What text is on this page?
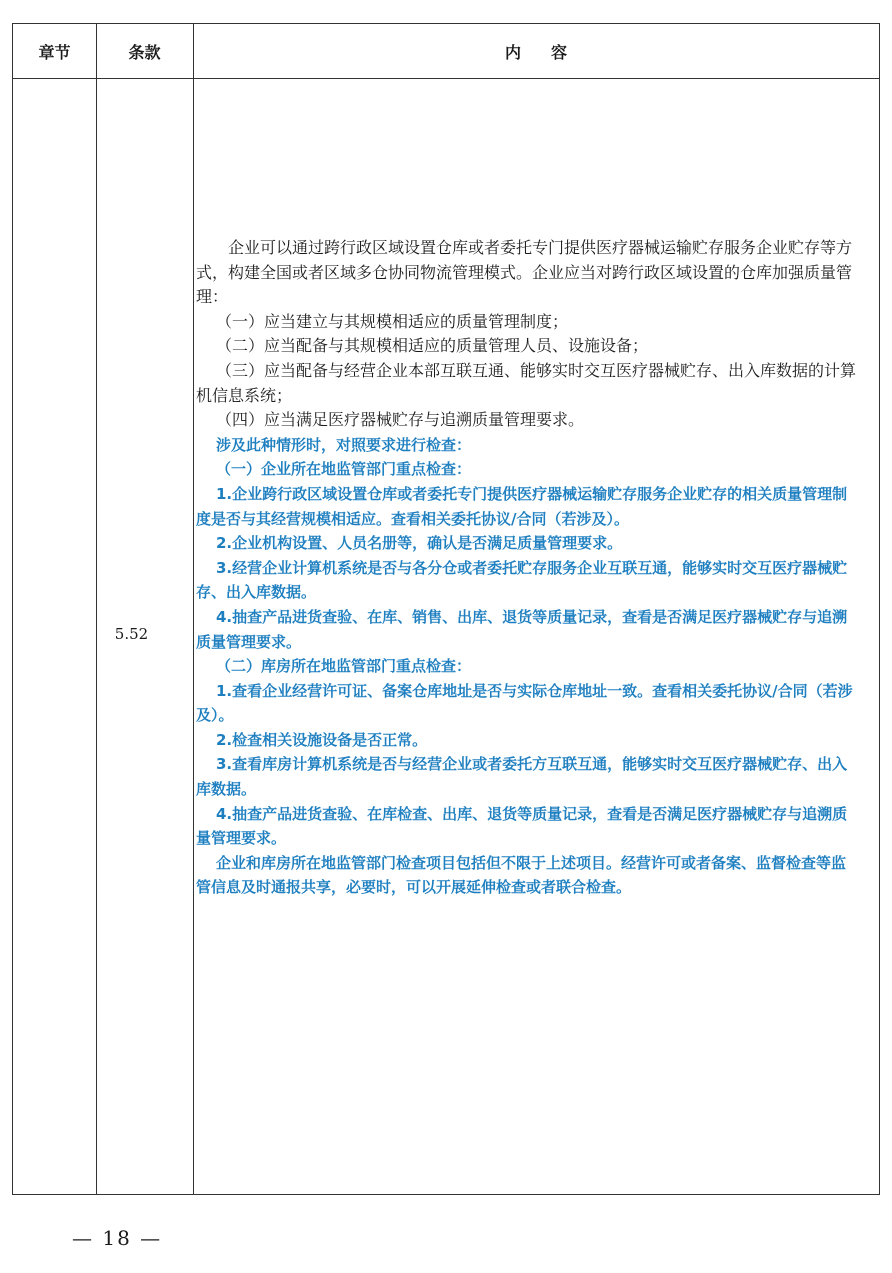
章节	条款	内容
5.52

企业可以通过跨行政区域设置仓库或者委托专门提供医疗器械运输贮存服务企业贮存等方式，构建全国或者区域多仓协同物流管理模式。企业应当对跨行政区域设置的仓库加强质量管理：

（一）应当建立与其规模相适应的质量管理制度；

（二）应当配备与其规模相适应的质量管理人员、设施设备；

（三）应当配备与经营企业本部互联互通、能够实时交互医疗器械贮存、出入库数据的计算机信息系统；

（四）应当满足医疗器械贮存与追溯质量管理要求。

涉及此种情形时，对照要求进行检查：

（一）企业所在地监管部门重点检查：

1.企业跨行政区域设置仓库或者委托专门提供医疗器械运输贮存服务企业贮存的相关质量管理制度是否与其经营规模相适应。查看相关委托协议/合同（若涉及）。

2.企业机构设置、人员名册等，确认是否满足质量管理要求。

3.经营企业计算机系统是否与各分仓或者委托贮存服务企业互联互通，能够实时交互医疗器械贮存、出入库数据。

4.抽查产品进货查验、在库、销售、出库、退货等质量记录，查看是否满足医疗器械贮存与追溯质量管理要求。

（二）库房所在地监管部门重点检查：

1.查看企业经营许可证、备案仓库地址是否与实际仓库地址一致。查看相关委托协议/合同（若涉及）。

2.检查相关设施设备是否正常。

3.查看库房计算机系统是否与经营企业或者委托方互联互通，能够实时交互医疗器械贮存、出入库数据。

4.抽查产品进货查验、在库检查、出库、退货等质量记录，查看是否满足医疗器械贮存与追溯质量管理要求。

企业和库房所在地监管部门检查项目包括但不限于上述项目。经营许可或者备案、监督检查等监管信息及时通报共享，必要时，可以开展延伸检查或者联合检查。

— 18 —
